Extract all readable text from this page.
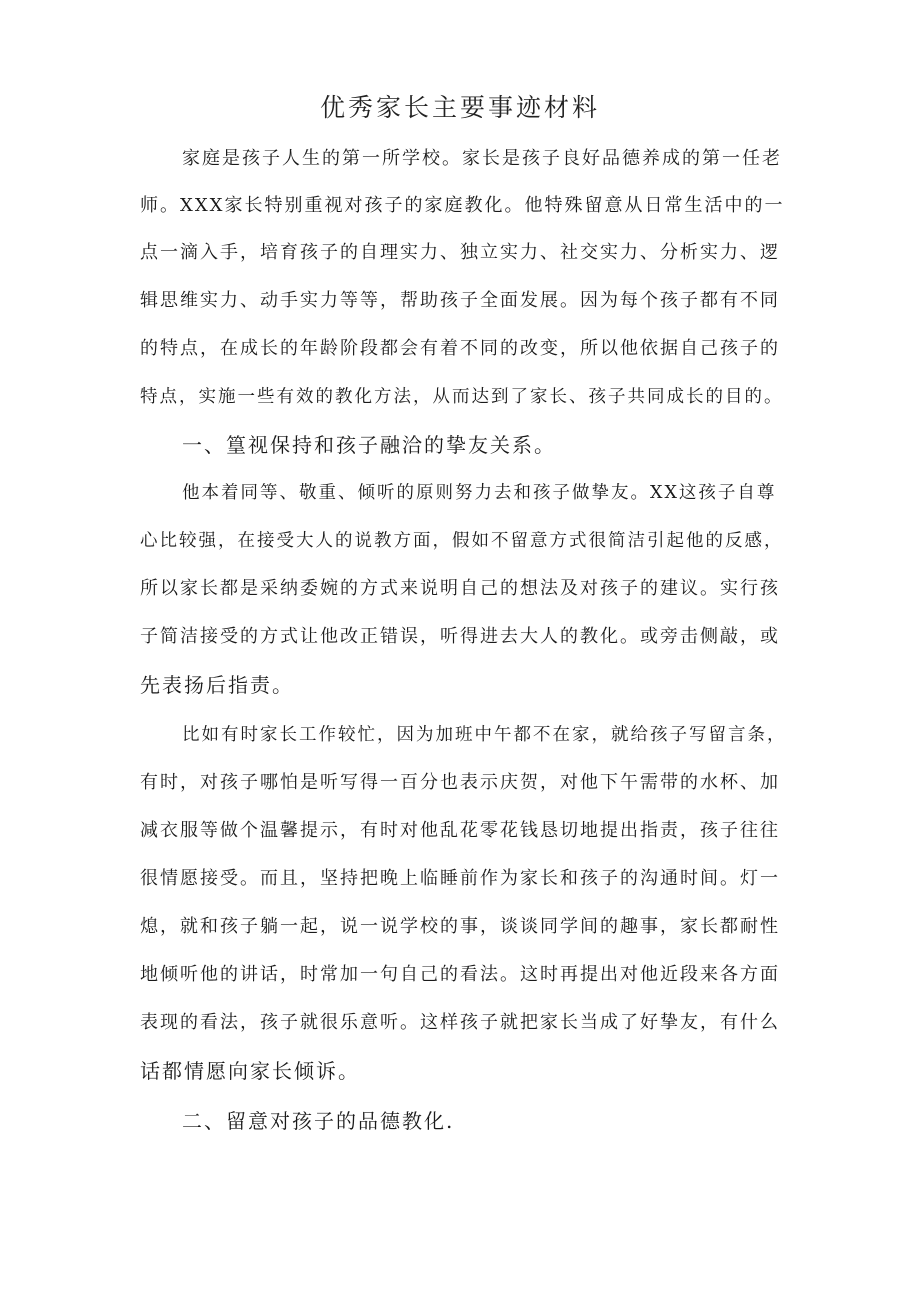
优秀家长主要事迹材料
家庭是孩子人生的第一所学校。家长是孩子良好品德养成的第一任老
师。XXX家长特别重视对孩子的家庭教化。他特殊留意从日常生活中的一
点一滴入手，培育孩子的自理实力、独立实力、社交实力、分析实力、逻
辑思维实力、动手实力等等，帮助孩子全面发展。因为每个孩子都有不同
的特点，在成长的年龄阶段都会有着不同的改变，所以他依据自己孩子的
特点，实施一些有效的教化方法，从而达到了家长、孩子共同成长的目的。
一、篁视保持和孩子融洽的挚友关系。
他本着同等、敬重、倾听的原则努力去和孩子做挚友。XX这孩子自尊
心比较强，在接受大人的说教方面，假如不留意方式很简洁引起他的反感，
所以家长都是采纳委婉的方式来说明自己的想法及对孩子的建议。实行孩
子简洁接受的方式让他改正错误，听得进去大人的教化。或旁击侧敲，或
先表扬后指责。
比如有时家长工作较忙，因为加班中午都不在家，就给孩子写留言条，
有时，对孩子哪怕是听写得一百分也表示庆贺，对他下午需带的水杯、加
减衣服等做个温馨提示，有时对他乱花零花钱恳切地提出指责，孩子往往
很情愿接受。而且，坚持把晚上临睡前作为家长和孩子的沟通时间。灯一
熄，就和孩子躺一起，说一说学校的事，谈谈同学间的趣事，家长都耐性
地倾听他的讲话，时常加一句自己的看法。这时再提出对他近段来各方面
表现的看法，孩子就很乐意听。这样孩子就把家长当成了好挚友，有什么
话都情愿向家长倾诉。
二、留意对孩子的品德教化.
